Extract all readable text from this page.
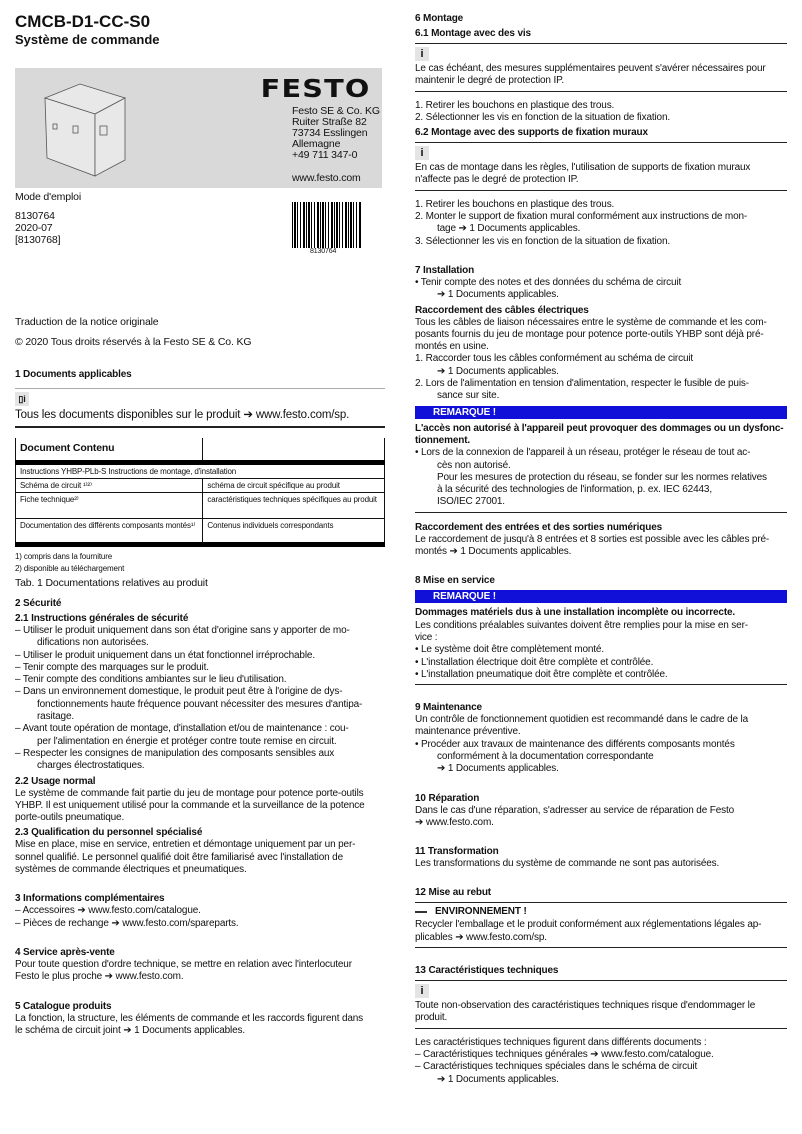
CMCB-D1-CC-S0
Système de commande
FESTO
Festo SE & Co. KG
Ruiter Straße 82
73734 Esslingen
Allemagne
+49 711 347-0
www.festo.com
Mode d'emploi
8130764
2020-07
[8130768]
8130764
Traduction de la notice originale
© 2020 Tous droits réservés à la Festo SE & Co. KG
1 Documents applicables
▯i
Tous les documents disponibles sur le produit ➔ www.festo.com/sp.
Document Contenu	
Instructions YHBP-PLb-S Instructions de montage, d'installation	
Schéma de circuit ¹⁾²⁾	schéma de circuit spécifique au produit
Fiche technique²⁾	caractéristiques techniques spécifiques au produit
Documentation des différents composants montés¹⁾	Contenus individuels correspondants
1) compris dans la fourniture
2) disponible au téléchargement
Tab. 1 Documentations relatives au produit
2 Sécurité
2.1 Instructions générales de sécurité
– Utiliser le produit uniquement dans son état d'origine sans y apporter de mo-
difications non autorisées.
– Utiliser le produit uniquement dans un état fonctionnel irréprochable.
– Tenir compte des marquages sur le produit.
– Tenir compte des conditions ambiantes sur le lieu d'utilisation.
– Dans un environnement domestique, le produit peut être à l'origine de dys-
fonctionnements haute fréquence pouvant nécessiter des mesures d'antipa-
rasitage.
– Avant toute opération de montage, d'installation et/ou de maintenance : cou-
per l'alimentation en énergie et protéger contre toute remise en circuit.
– Respecter les consignes de manipulation des composants sensibles aux
charges électrostatiques.
2.2 Usage normal
Le système de commande fait partie du jeu de montage pour potence porte-outils
YHBP. Il est uniquement utilisé pour la commande et la surveillance de la potence
porte-outils pneumatique.
2.3 Qualification du personnel spécialisé
Mise en place, mise en service, entretien et démontage uniquement par un per-
sonnel qualifié. Le personnel qualifié doit être familiarisé avec l'installation de
systèmes de commande électriques et pneumatiques.
3 Informations complémentaires
– Accessoires ➔ www.festo.com/catalogue.
– Pièces de rechange ➔ www.festo.com/spareparts.
4 Service après-vente
Pour toute question d'ordre technique, se mettre en relation avec l'interlocuteur
Festo le plus proche ➔ www.festo.com.
5 Catalogue produits
La fonction, la structure, les éléments de commande et les raccords figurent dans
le schéma de circuit joint ➔ 1 Documents applicables.
6 Montage
6.1 Montage avec des vis
i
Le cas échéant, des mesures supplémentaires peuvent s'avérer nécessaires pour
maintenir le degré de protection IP.
1. Retirer les bouchons en plastique des trous.
2. Sélectionner les vis en fonction de la situation de fixation.
6.2 Montage avec des supports de fixation muraux
i
En cas de montage dans les règles, l'utilisation de supports de fixation muraux
n'affecte pas le degré de protection IP.
1. Retirer les bouchons en plastique des trous.
2. Monter le support de fixation mural conformément aux instructions de mon-
tage ➔ 1 Documents applicables.
3. Sélectionner les vis en fonction de la situation de fixation.
7 Installation
• Tenir compte des notes et des données du schéma de circuit
➔ 1 Documents applicables.
Raccordement des câbles électriques
Tous les câbles de liaison nécessaires entre le système de commande et les com-
posants fournis du jeu de montage pour potence porte-outils YHBP sont déjà pré-
montés en usine.
1. Raccorder tous les câbles conformément au schéma de circuit
➔ 1 Documents applicables.
2. Lors de l'alimentation en tension d'alimentation, respecter le fusible de puis-
sance sur site.
REMARQUE !
L'accès non autorisé à l'appareil peut provoquer des dommages ou un dysfonc-
tionnement.
• Lors de la connexion de l'appareil à un réseau, protéger le réseau de tout ac-
cès non autorisé.
Pour les mesures de protection du réseau, se fonder sur les normes relatives
à la sécurité des technologies de l'information, p. ex. IEC 62443,
ISO/IEC 27001.
Raccordement des entrées et des sorties numériques
Le raccordement de jusqu'à 8 entrées et 8 sorties est possible avec les câbles pré-
montés ➔ 1 Documents applicables.
8 Mise en service
REMARQUE !
Dommages matériels dus à une installation incomplète ou incorrecte.
Les conditions préalables suivantes doivent être remplies pour la mise en ser-
vice :
• Le système doit être complètement monté.
• L'installation électrique doit être complète et contrôlée.
• L'installation pneumatique doit être complète et contrôlée.
9 Maintenance
Un contrôle de fonctionnement quotidien est recommandé dans le cadre de la
maintenance préventive.
• Procéder aux travaux de maintenance des différents composants montés
conformément à la documentation correspondante
➔ 1 Documents applicables.
10 Réparation
Dans le cas d'une réparation, s'adresser au service de réparation de Festo
➔ www.festo.com.
11 Transformation
Les transformations du système de commande ne sont pas autorisées.
12 Mise au rebut
ENVIRONNEMENT !
Recycler l'emballage et le produit conformément aux réglementations légales ap-
plicables ➔ www.festo.com/sp.
13 Caractéristiques techniques
i
Toute non-observation des caractéristiques techniques risque d'endommager le
produit.
Les caractéristiques techniques figurent dans différents documents :
– Caractéristiques techniques générales ➔ www.festo.com/catalogue.
– Caractéristiques techniques spéciales dans le schéma de circuit
➔ 1 Documents applicables.
